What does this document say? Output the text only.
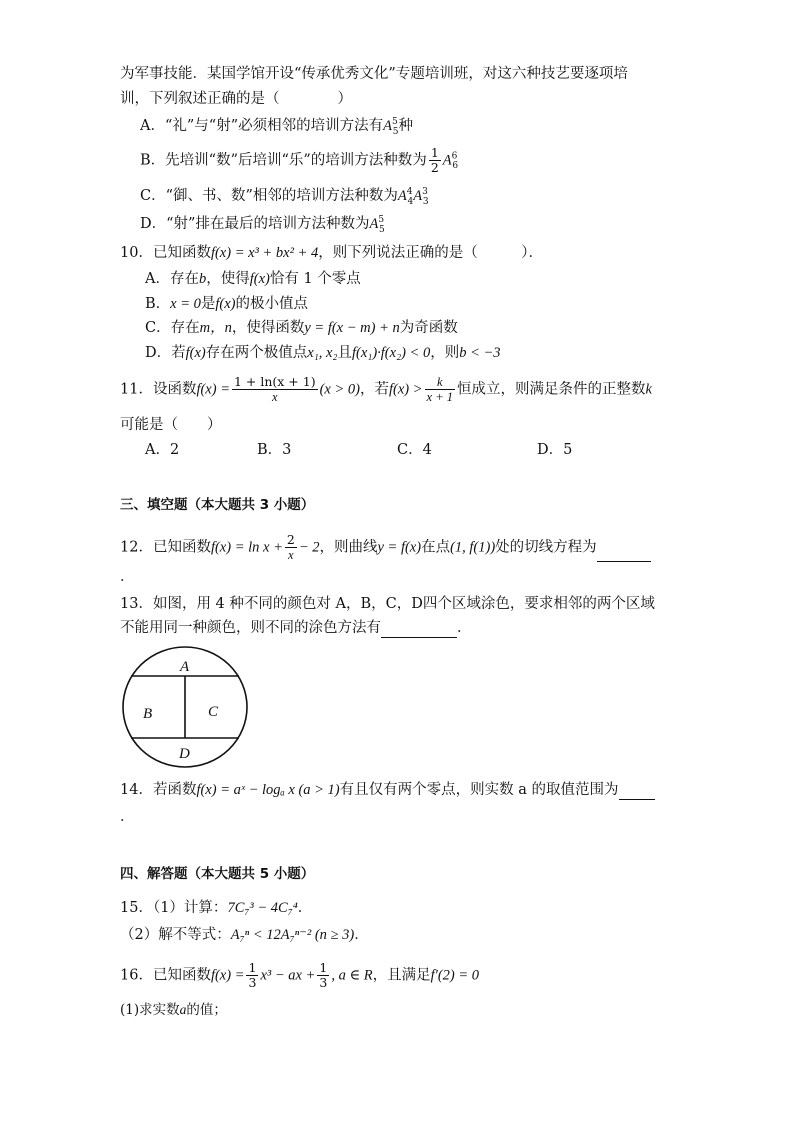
为军事技能．某国学馆开设“传承优秀文化”专题培训班，对这六种技艺要逐项培
训，下列叙述正确的是（　　　　）
A．“礼”与“射”必须相邻的培训方法有$A^5_5$种
B．先培训“数”后培训“乐”的培训方法种数为 $\frac{1}{2} A^6_6$
C．“御、书、数”相邻的培训方法种数为$A^4_4A^3_3$
D．“射”排在最后的培训方法种数为$A^5_5$
10．已知函数f(x) = x³ + bx² + 4，则下列说法正确的是（　　　）．
A．存在b，使得f(x)恰有 1 个零点
B．x = 0是f(x)的极小值点
C．存在m，n，使得函数y = f(x − m) + n为奇函数
D．若f(x)存在两个极值点x₁, x₂且f(x₁)·f(x₂) < 0，则b < −3
11．设函数$f(x) = \frac{1 + \ln(x + 1)}{x} (x > 0)$，若$f(x) > \frac{k}{x + 1}$ 恒成立，则满足条件的正整数k
可能是（　　）
A．2	B．3	C．4	D．5
三、填空题（本大题共 3 小题）
12．已知函数$f(x) = \ln x + \frac{2}{x} - 2$，则曲线y = f(x)在点(1, f(1))处的切线方程为
．
13．如图，用 4 种不同的颜色对 A，B，C，D四个区域涂色，要求相邻的两个区域
不能用同一种颜色，则不同的涂色方法有	．
A
B	C
D
14．若函数f(x) = aˣ − logₐ x (a > 1)有且仅有两个零点，则实数 a 的取值范围为
．
四、解答题（本大题共 5 小题）
15．（1）计算：7C₇³ − 4C₇⁴．
（2）解不等式：A₇ⁿ < 12A₇ⁿ⁻² (n ≥ 3)．
16．已知函数$f(x) = \frac{1}{3} x^3$ − ax + $\frac{1}{3}$ , a ∈ R，且满足f′(2) = 0
(1)求实数a的值；
